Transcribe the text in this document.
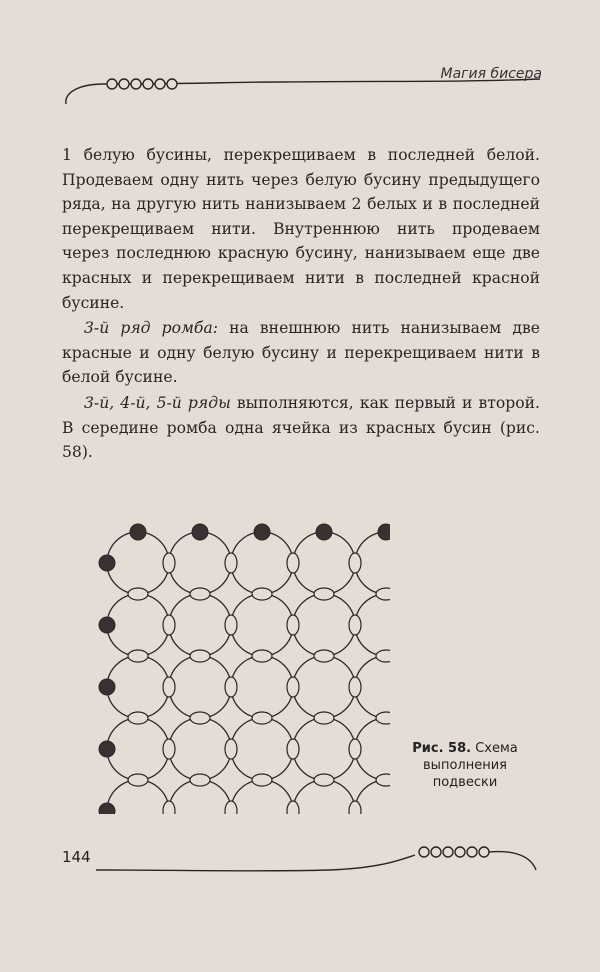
Магия бисера

1 белую бусины, перекрещиваем в последней белой. Продеваем одну нить через белую бусину предыдущего ряда, на другую нить нанизываем 2 белых и в последней перекрещиваем нити. Внутреннюю нить продеваем через последнюю красную бусину, нанизываем еще две красных и перекрещиваем нити в последней красной бусине.

3-й ряд ромба: на внешнюю нить нанизываем две красные и одну белую бусину и перекрещиваем нити в белой бусине.

3-й, 4-й, 5-й ряды выполняются, как первый и второй. В середине ромба одна ячейка из красных бусин (рис. 58).

Рис. 58. Схема выполнения подвески
144
